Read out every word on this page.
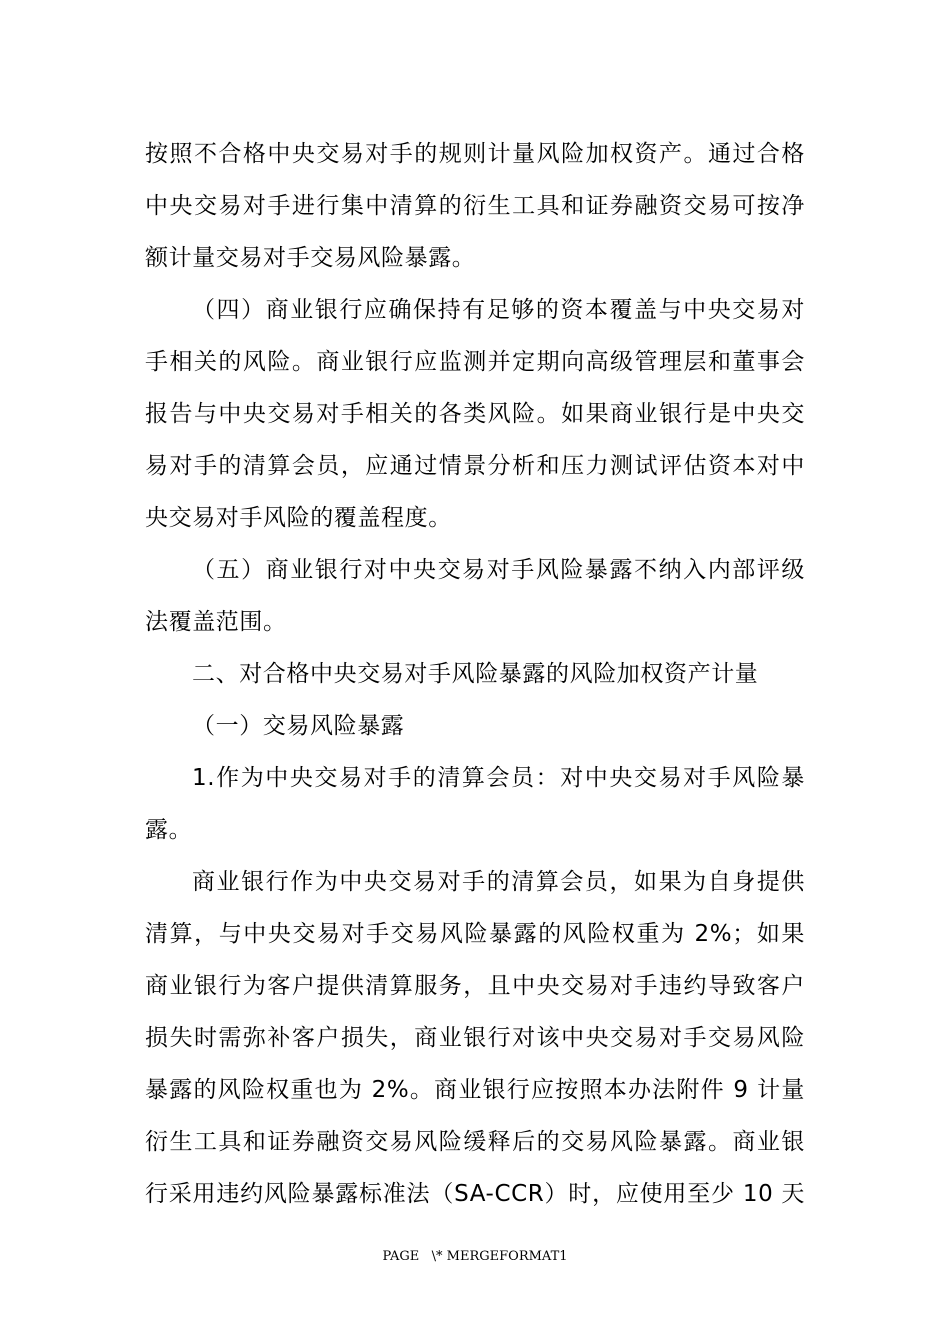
按照不合格中央交易对手的规则计量风险加权资产。通过合格
中央交易对手进行集中清算的衍生工具和证券融资交易可按净
额计量交易对手交易风险暴露。
（四）商业银行应确保持有足够的资本覆盖与中央交易对
手相关的风险。商业银行应监测并定期向高级管理层和董事会
报告与中央交易对手相关的各类风险。如果商业银行是中央交
易对手的清算会员，应通过情景分析和压力测试评估资本对中
央交易对手风险的覆盖程度。
（五）商业银行对中央交易对手风险暴露不纳入内部评级
法覆盖范围。
二、对合格中央交易对手风险暴露的风险加权资产计量
（一）交易风险暴露
1.作为中央交易对手的清算会员：对中央交易对手风险暴
露。
商业银行作为中央交易对手的清算会员，如果为自身提供
清算，与中央交易对手交易风险暴露的风险权重为 2%；如果
商业银行为客户提供清算服务，且中央交易对手违约导致客户
损失时需弥补客户损失，商业银行对该中央交易对手交易风险
暴露的风险权重也为 2%。商业银行应按照本办法附件 9 计量
衍生工具和证券融资交易风险缓释后的交易风险暴露。商业银
行采用违约风险暴露标准法（SA-CCR）时，应使用至少 10 天
PAGE   \* MERGEFORMAT1
